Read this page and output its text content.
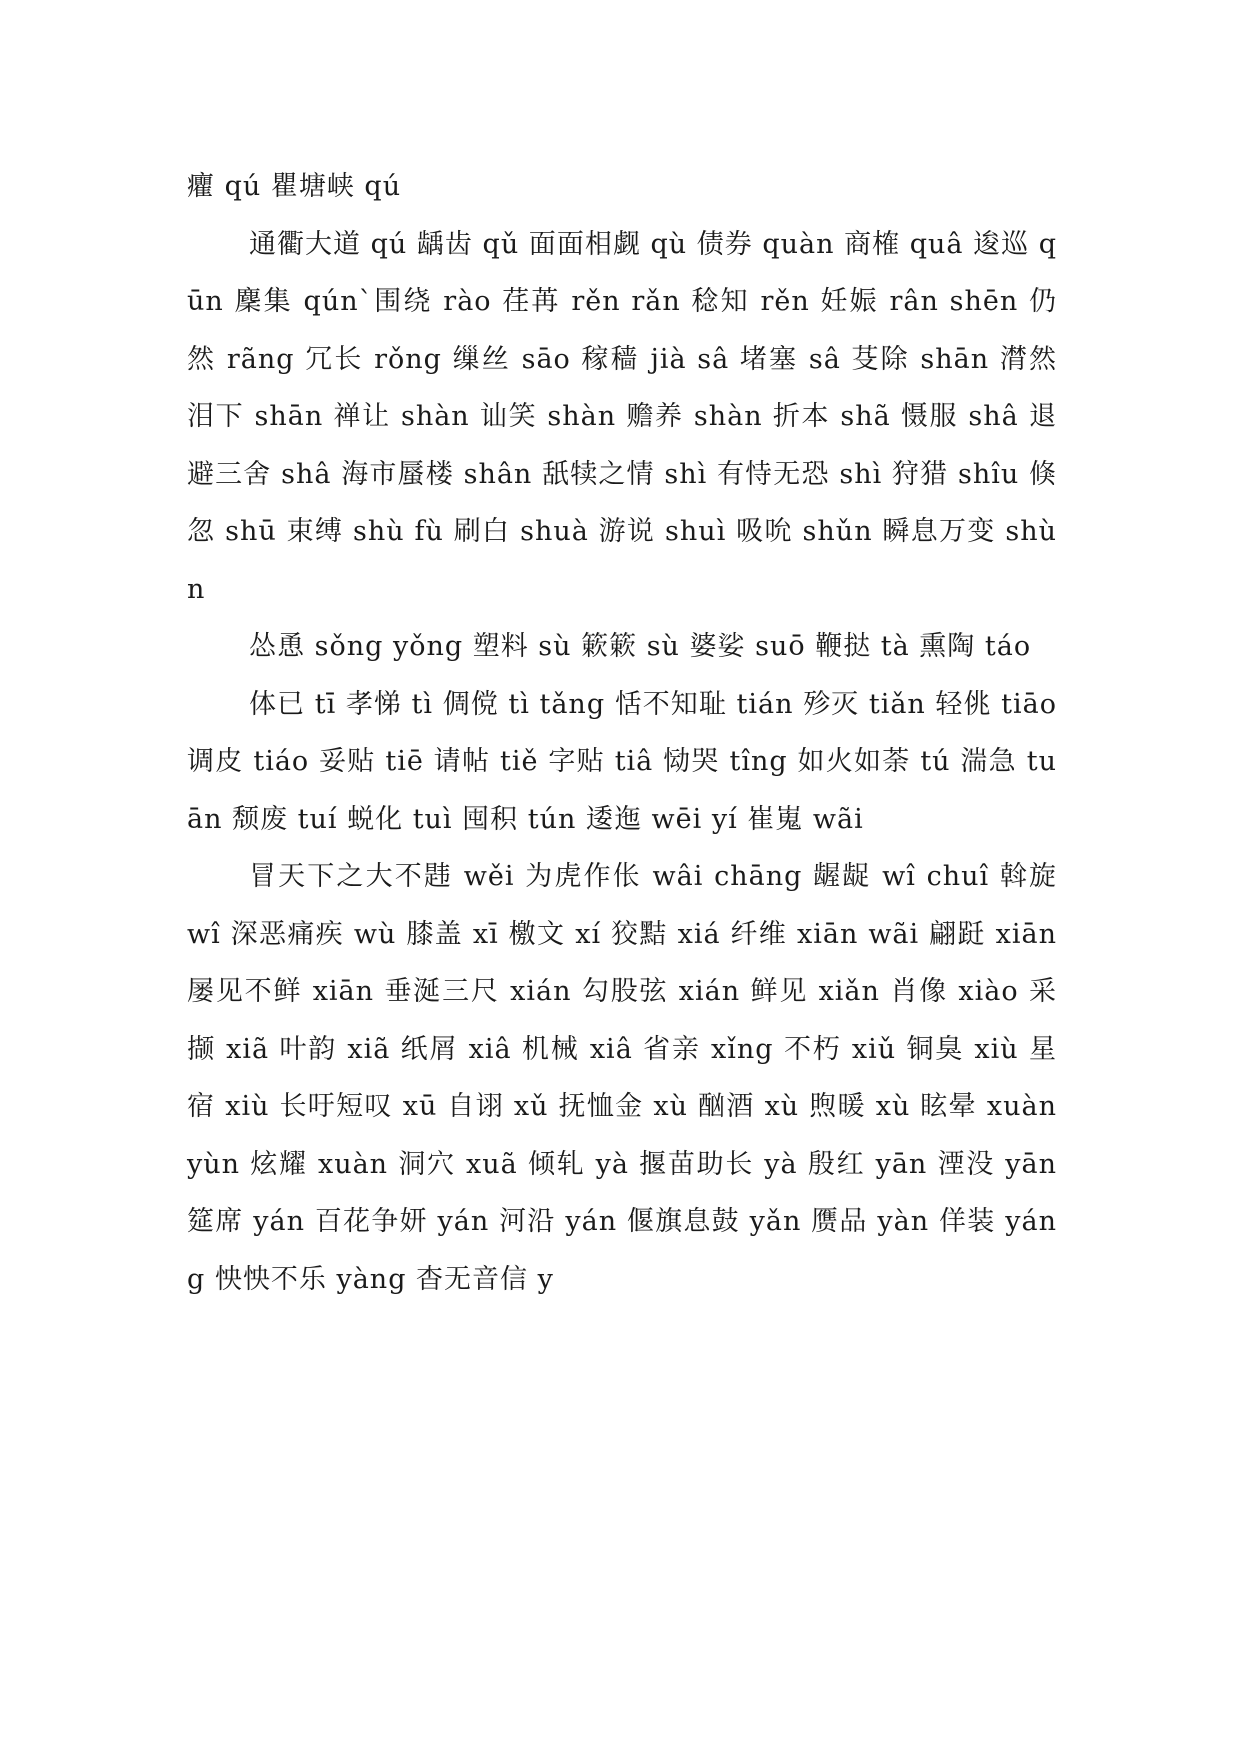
癯 qú 瞿塘峡 qú

通衢大道 qú 龋齿 qǔ 面面相觑 qù 债券 quàn 商榷 quâ 逡巡 qūn 麇集 qún`围绕 rào 荏苒 rěn rǎn 稔知 rěn 妊娠 rân shēn 仍然 rãng 冗长 rǒng 缫丝 sāo 稼穑 jià sâ 堵塞 sâ 芟除 shān 潸然泪下 shān 禅让 shàn 讪笑 shàn 赡养 shàn 折本 shã 慑服 shâ 退避三舍 shâ 海市蜃楼 shân 舐犊之情 shì 有恃无恐 shì 狩猎 shîu 倏忽 shū 束缚 shù fù 刷白 shuà 游说 shuì 吸吮 shǔn 瞬息万变 shùn

怂恿 sǒng yǒng 塑料 sù 簌簌 sù 婆娑 suō 鞭挞 tà 熏陶 táo

体已 tī 孝悌 tì 倜傥 tì tǎng 恬不知耻 tián 殄灭 tiǎn 轻佻 tiāo 调皮 tiáo 妥贴 tiē 请帖 tiě 字贴 tiâ 恸哭 tîng 如火如荼 tú 湍急 tuān 颓废 tuí 蜕化 tuì 囤积 tún 逶迤 wēi yí 崔嵬 wãi

冒天下之大不韪 wěi 为虎作伥 wâi chāng 龌龊 wî chuî 斡旋 wî 深恶痛疾 wù 膝盖 xī 檄文 xí 狡黠 xiá 纤维 xiān wãi 翩跹 xiān 屡见不鲜 xiān 垂涎三尺 xián 勾股弦 xián 鲜见 xiǎn 肖像 xiào 采撷 xiã 叶韵 xiã 纸屑 xiâ 机械 xiâ 省亲 xǐng 不朽 xiǔ 铜臭 xiù 星宿 xiù 长吁短叹 xū 自诩 xǔ 抚恤金 xù 酗酒 xù 煦暖 xù 眩晕 xuàn yùn 炫耀 xuàn 洞穴 xuã 倾轧 yà 揠苗助长 yà 殷红 yān 湮没 yān 筵席 yán 百花争妍 yán 河沿 yán 偃旗息鼓 yǎn 赝品 yàn 佯装 yáng 怏怏不乐 yàng 杳无音信 y
